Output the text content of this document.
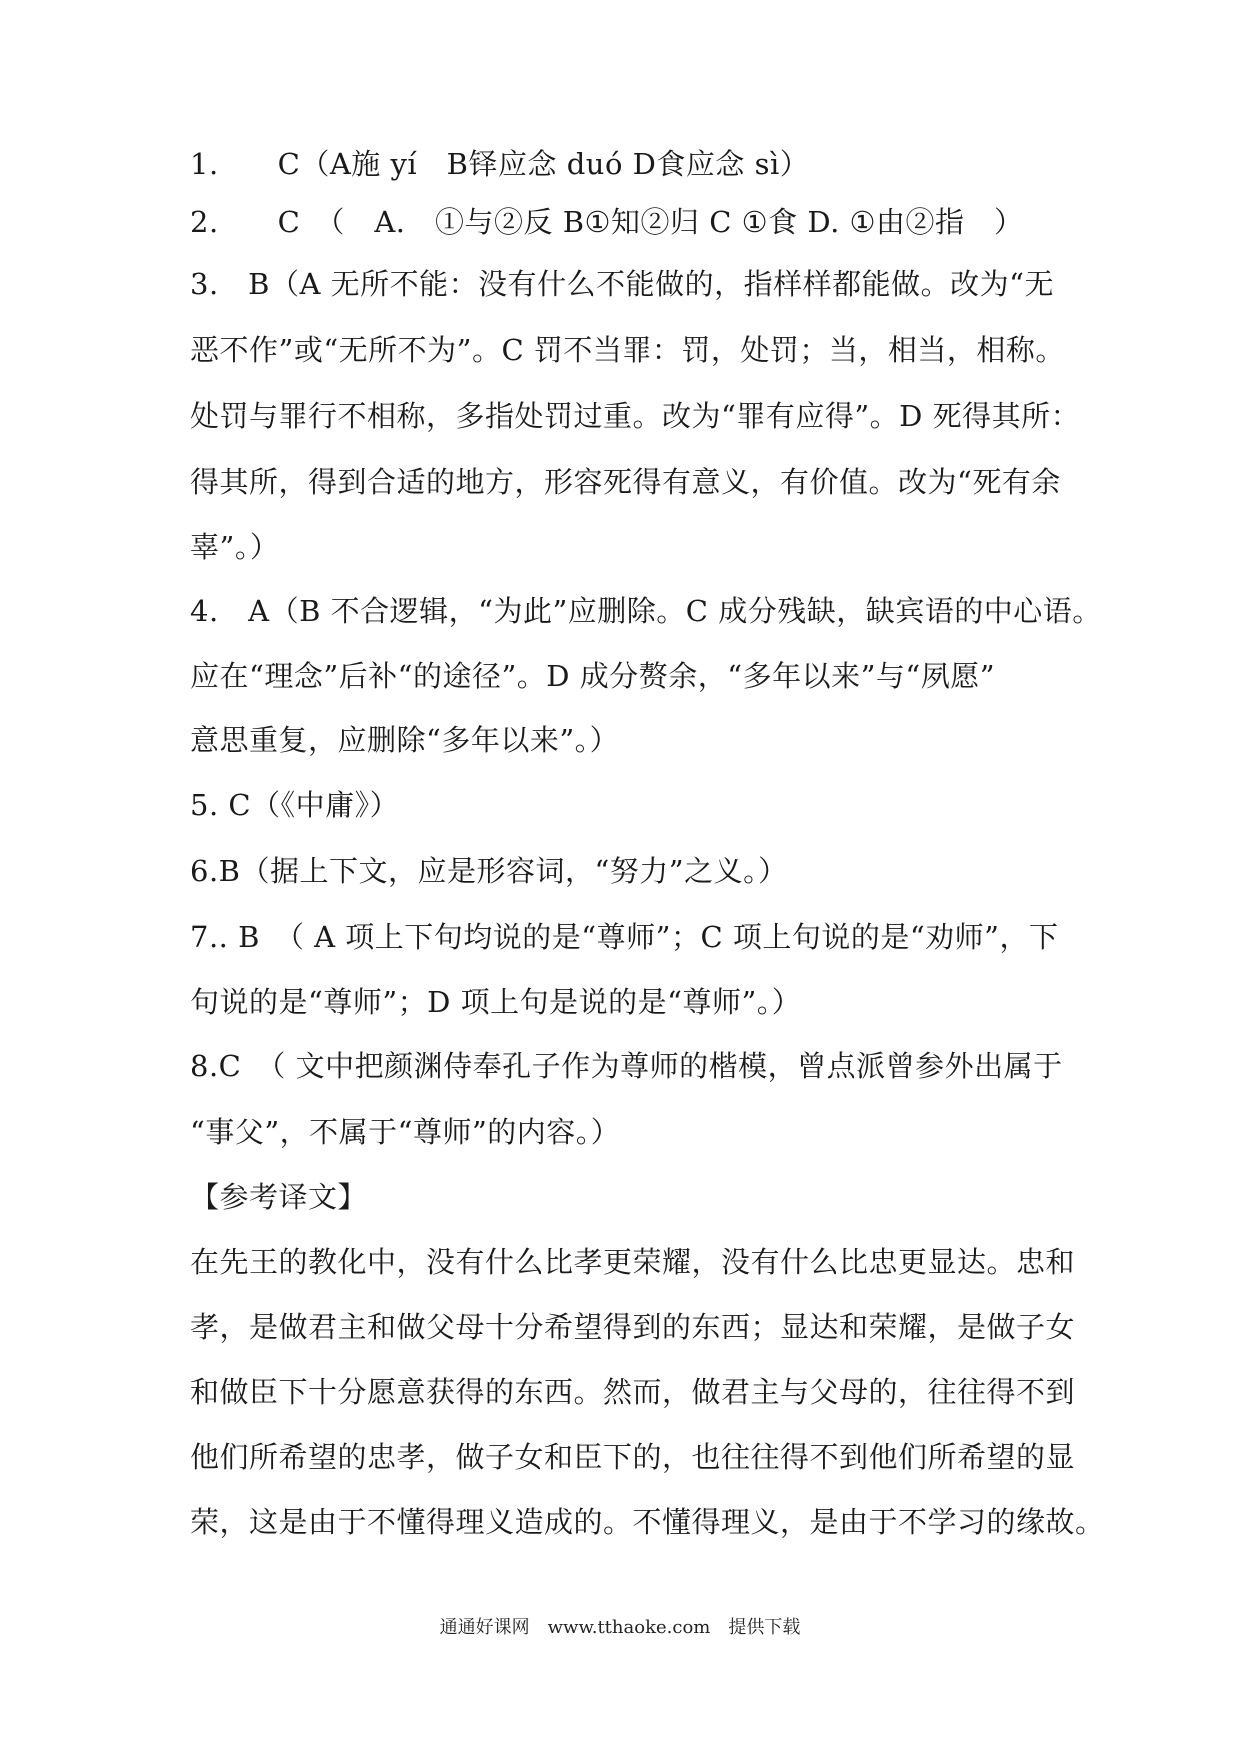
1.　　C（A施 yí　B铎应念 duó D食应念 sì）
2.　　C　（　A.　①与②反 B①知②归 C ①食 D. ①由②指　）
3.　B（A 无所不能：没有什么不能做的，指样样都能做。改为“无
恶不作”或“无所不为”。C 罚不当罪：罚，处罚；当，相当，相称。
处罚与罪行不相称，多指处罚过重。改为“罪有应得”。D 死得其所：
得其所，得到合适的地方，形容死得有意义，有价值。改为“死有余
辜”。）
4.　A（B 不合逻辑，“为此”应删除。C 成分残缺，缺宾语的中心语。
应在“理念”后补“的途径”。D 成分赘余，“多年以来”与“夙愿”
意思重复，应删除“多年以来”。）
5. C（《中庸》）
6.B（据上下文，应是形容词，“努力”之义。）
7.. B　（ A 项上下句均说的是“尊师”；C 项上句说的是“劝师”，下
句说的是“尊师”；D 项上句是说的是“尊师”。）
8.C　（ 文中把颜渊侍奉孔子作为尊师的楷模，曾点派曾参外出属于
“事父”，不属于“尊师”的内容。）
【参考译文】
在先王的教化中，没有什么比孝更荣耀，没有什么比忠更显达。忠和
孝，是做君主和做父母十分希望得到的东西；显达和荣耀，是做子女
和做臣下十分愿意获得的东西。然而，做君主与父母的，往往得不到
他们所希望的忠孝，做子女和臣下的，也往往得不到他们所希望的显
荣，这是由于不懂得理义造成的。不懂得理义，是由于不学习的缘故。
通通好课网　www.tthaoke.com　提供下载
